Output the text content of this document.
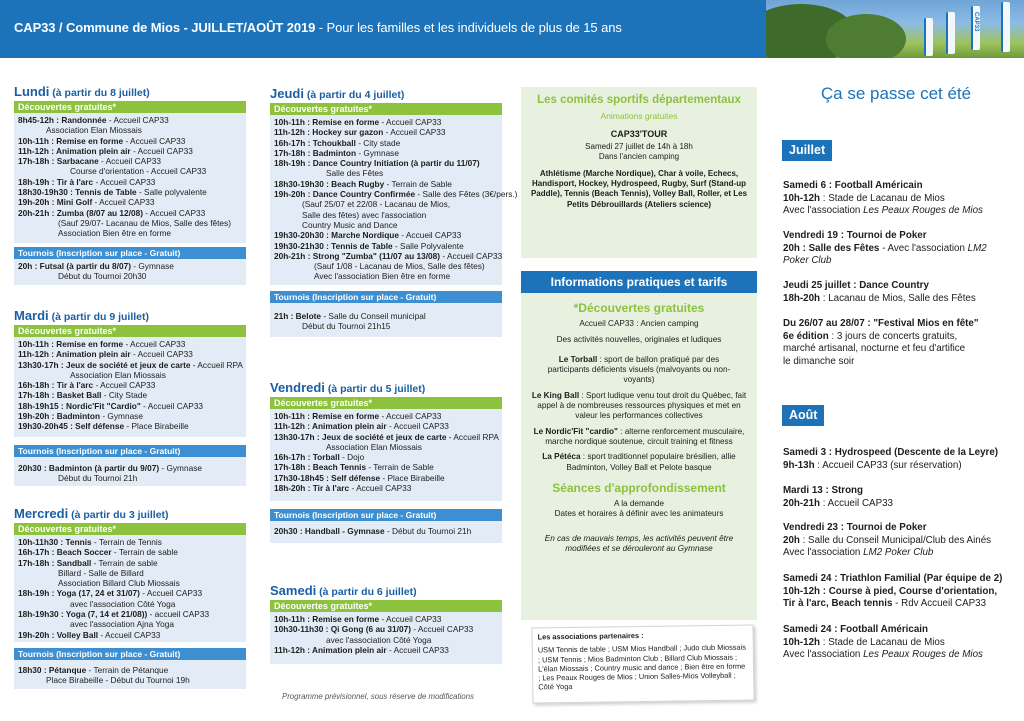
CAP33 / Commune de Mios - JUILLET/AOÛT 2019 - Pour les familles et les individuels de plus de 15 ans	CAP33
Lundi (à partir du 8 juillet)
Découvertes gratuites*
8h45-12h : Randonnée - Accueil CAP33
Association Elan Miossais
10h-11h : Remise en forme - Accueil CAP33
11h-12h : Animation plein air - Accueil CAP33
17h-18h : Sarbacane - Accueil CAP33
Course d'orientation - Accueil CAP33
18h-19h : Tir à l'arc - Accueil CAP33
18h30-19h30 : Tennis de Table - Salle polyvalente
19h-20h : Mini Golf - Accueil CAP33
20h-21h : Zumba (8/07 au 12/08) - Accueil CAP33
(Sauf 29/07- Lacanau de Mios, Salle des fêtes)
Association Bien être en forme
Tournois (Inscription sur place - Gratuit)
20h : Futsal (à partir du 8/07) - Gymnase
Début du Tournoi 20h30
Mardi (à partir du 9 juillet)
Découvertes gratuites*
10h-11h : Remise en forme - Accueil CAP33
11h-12h : Animation plein air - Accueil CAP33
13h30-17h : Jeux de société et jeux de carte - Accueil RPA
Association Elan Miossais
16h-18h : Tir à l'arc - Accueil CAP33
17h-18h : Basket Ball - City Stade
18h-19h15 : Nordic'Fit "Cardio" - Accueil CAP33
19h-20h : Badminton - Gymnase
19h30-20h45 : Self défense - Place Birabeille
Tournois (Inscription sur place - Gratuit)
20h30 : Badminton (à partir du 9/07) - Gymnase
Début du Tournoi 21h
Mercredi (à partir du 3 juillet)
Découvertes gratuites*
10h-11h30 : Tennis - Terrain de Tennis
16h-17h : Beach Soccer - Terrain de sable
17h-18h : Sandball - Terrain de sable
Billard - Salle de Billard
Association Billard Club Miossais
18h-19h : Yoga (17, 24 et 31/07) - Accueil CAP33
avec l'association Côté Yoga
18h-19h30 : Yoga (7, 14 et 21/08)) - accueil CAP33
avec l'association Ajna Yoga
19h-20h : Volley Ball - Accueil CAP33
Tournois (Inscription sur place - Gratuit)
18h30 : Pétanque - Terrain de Pétanque
Place Birabeille - Début du Tournoi 19h
Jeudi (à partir du 4 juillet)
Découvertes gratuites*
10h-11h : Remise en forme - Accueil CAP33
11h-12h : Hockey sur gazon - Accueil CAP33
16h-17h : Tchoukball - City stade
17h-18h : Badminton - Gymnase
18h-19h : Dance Country Initiation (à partir du 11/07)
Salle des Fêtes
18h30-19h30 : Beach Rugby - Terrain de Sable
19h-20h : Dance Country Confirmée - Salle des Fêtes (3€/pers.)
(Sauf 25/07 et 22/08 - Lacanau de Mios,
Salle des fêtes) avec l'association
Country Music and Dance
19h30-20h30 : Marche Nordique - Accueil CAP33
19h30-21h30 : Tennis de Table - Salle Polyvalente
20h-21h : Strong "Zumba" (11/07 au 13/08) - Accueil CAP33
(Sauf 1/08 - Lacanau de Mios, Salle des fêtes)
Avec l'association Bien être en forme
Tournois (Inscription sur place - Gratuit)
21h : Belote - Salle du Conseil municipal
Début du Tournoi 21h15
Vendredi (à partir du 5 juillet)
Découvertes gratuites*
10h-11h : Remise en forme - Accueil CAP33
11h-12h : Animation plein air - Accueil CAP33
13h30-17h : Jeux de société et jeux de carte - Accueil RPA
Association Elan Miossais
16h-17h : Torball - Dojo
17h-18h : Beach Tennis - Terrain de Sable
17h30-18h45 : Self défense - Place Birabeille
18h-20h : Tir à l'arc - Accueil CAP33
Tournois (Inscription sur place - Gratuit)
20h30 : Handball - Gymnase - Début du Tournoi 21h
Samedi (à partir du 6 juillet)
Découvertes gratuites*
10h-11h : Remise en forme - Accueil CAP33
10h30-11h30 : Qi Gong (6 au 31/07) - Accueil CAP33
avec l'association Côté Yoga
11h-12h : Animation plein air - Accueil CAP33
Les comités sportifs départementaux
Animations gratuites
CAP33'TOUR
Samedi 27 juillet de 14h à 18h
Dans l'ancien camping
Athlétisme (Marche Nordique), Char à voile, Echecs, Handisport, Hockey, Hydrospeed, Rugby, Surf (Stand-up Paddle), Tennis (Beach Tennis), Volley Ball, Roller, et Les Petits Débrouillards (Ateliers science)
Informations pratiques et tarifs
*Découvertes gratuites
Accueil CAP33 : Ancien camping
Des activités nouvelles, originales et ludiques
Le Torball : sport de ballon pratiqué par des participants déficients visuels (malvoyants ou non-voyants)
Le King Ball : Sport ludique venu tout droit du Québec, fait appel à de nombreuses ressources physiques et met en valeur les performances collectives
Le Nordic'Fit "cardio" : alterne renforcement musculaire, marche nordique soutenue, circuit training et fitness
La Pétéca : sport traditionnel populaire brésilien, allie Badminton, Volley Ball et Pelote basque
Séances d'approfondissement
A la demande
Dates et horaires à définir avec les animateurs
En cas de mauvais temps, les activités peuvent être modifiées et se dérouleront au Gymnase
Les associations partenaires :
USM Tennis de table ; USM Mios Handball ; Judo club Miossais ; USM Tennis ; Mios Badminton Club ; Billard Club Miossais ; L'élan Miossais ; Country music and dance ; Bien être en forme ; Les Peaux Rouges de Mios ; Union Salles-Mios Volleyball ; Côté Yoga
Ça se passe cet été
Juillet
Samedi 6 : Football Américain
10h-12h : Stade de Lacanau de Mios
Avec l'association Les Peaux Rouges de Mios
Vendredi 19 : Tournoi de Poker
20h : Salle des Fêtes - Avec l'association LM2
Poker Club
Jeudi 25 juillet : Dance Country
18h-20h : Lacanau de Mios, Salle des Fêtes
Du 26/07 au 28/07 : "Festival Mios en fête"
6e édition : 3 jours de concerts gratuits,
marché artisanal, nocturne et feu d'artifice
le dimanche soir
Août
Samedi 3 : Hydrospeed (Descente de la Leyre)
9h-13h : Accueil CAP33 (sur réservation)
Mardi 13 : Strong
20h-21h : Accueil CAP33
Vendredi 23 : Tournoi de Poker
20h : Salle du Conseil Municipal/Club des Ainés
Avec l'association LM2 Poker Club
Samedi 24 : Triathlon Familial (Par équipe de 2)
10h-12h : Course à pied, Course d'orientation,
Tir à l'arc, Beach tennis - Rdv Accueil CAP33
Samedi 24 : Football Américain
10h-12h : Stade de Lacanau de Mios
Avec l'association Les Peaux Rouges de Mios
Programme prévisionnel, sous réserve de modifications
